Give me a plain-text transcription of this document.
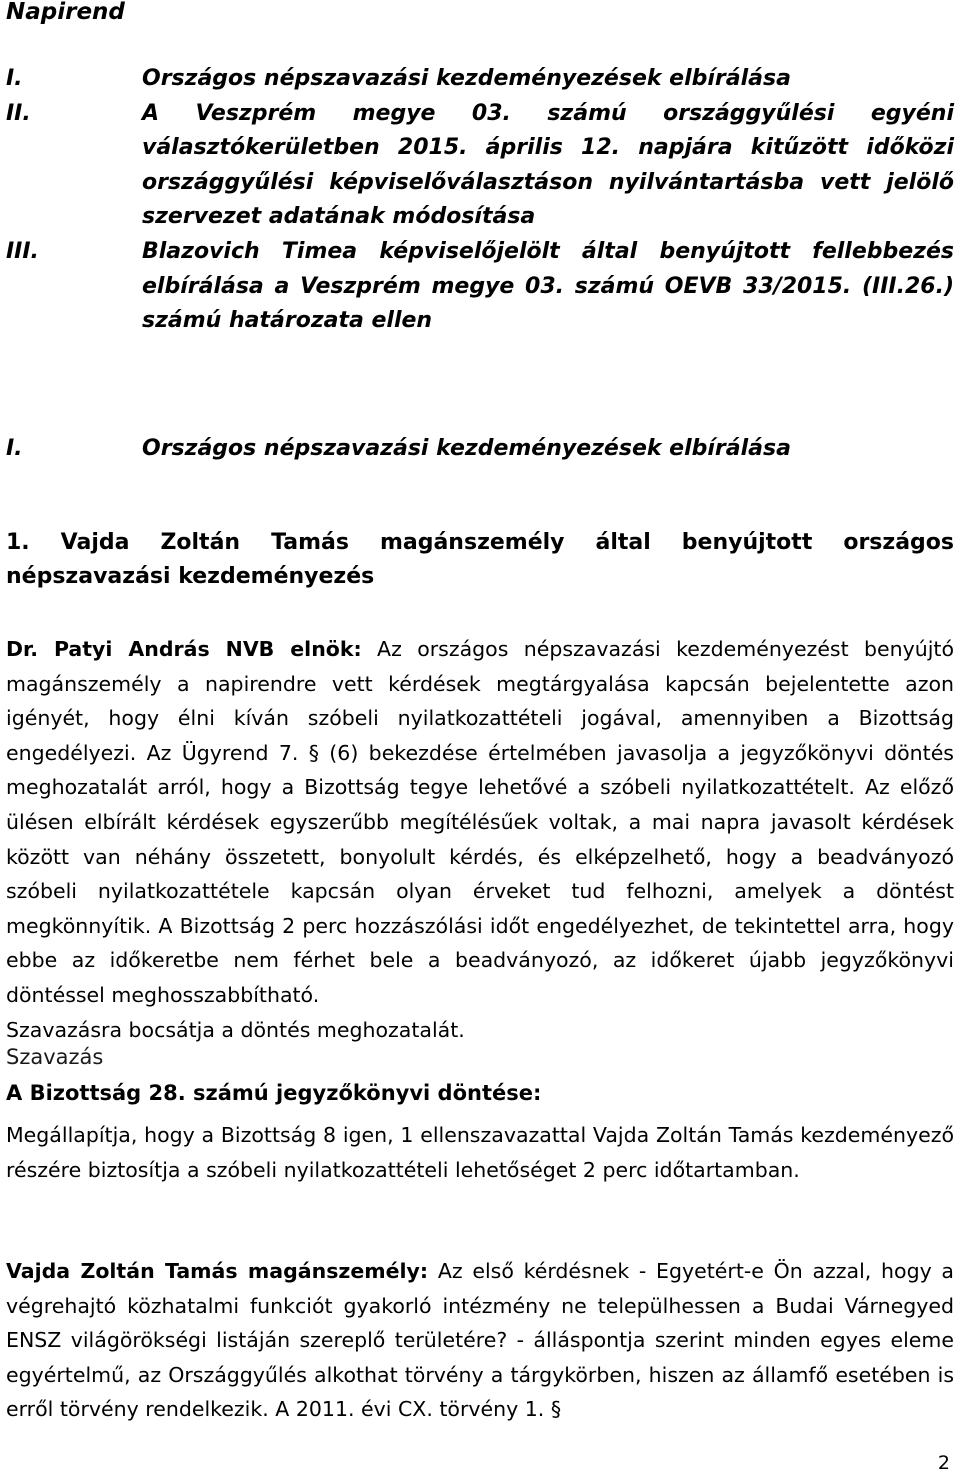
Napirend
I.	Országos népszavazási kezdeményezések elbírálása
II.	A Veszprém megye 03. számú országgyűlési egyéni választókerületben 2015. április 12. napjára kitűzött időközi országgyűlési képviselőválasztáson nyilvántartásba vett jelölő szervezet adatának módosítása
III.	Blazovich Timea képviselőjelölt által benyújtott fellebbezés elbírálása a Veszprém megye 03. számú OEVB 33/2015. (III.26.) számú határozata ellen
I.	Országos népszavazási kezdeményezések elbírálása
1. Vajda Zoltán Tamás magánszemély által benyújtott országos népszavazási kezdeményezés

Dr. Patyi András NVB elnök: Az országos népszavazási kezdeményezést benyújtó magánszemély a napirendre vett kérdések megtárgyalása kapcsán bejelentette azon igényét, hogy élni kíván szóbeli nyilatkozattételi jogával, amennyiben a Bizottság engedélyezi. Az Ügyrend 7. § (6) bekezdése értelmében javasolja a jegyzőkönyvi döntés meghozatalát arról, hogy a Bizottság tegye lehetővé a szóbeli nyilatkozattételt. Az előző ülésen elbírált kérdések egyszerűbb megítélésűek voltak, a mai napra javasolt kérdések között van néhány összetett, bonyolult kérdés, és elképzelhető, hogy a beadványozó szóbeli nyilatkozattétele kapcsán olyan érveket tud felhozni, amelyek a döntést megkönnyítik. A Bizottság 2 perc hozzászólási időt engedélyezhet, de tekintettel arra, hogy ebbe az időkeretbe nem férhet bele a beadványozó, az időkeret újabb jegyzőkönyvi döntéssel meghosszabbítható.
Szavazásra bocsátja a döntés meghozatalát.

Szavazás

A Bizottság 28. számú jegyzőkönyvi döntése:

Megállapítja, hogy a Bizottság 8 igen, 1 ellenszavazattal Vajda Zoltán Tamás kezdeményező részére biztosítja a szóbeli nyilatkozattételi lehetőséget 2 perc időtartamban.

Vajda Zoltán Tamás magánszemély: Az első kérdésnek - Egyetért-e Ön azzal, hogy a végrehajtó közhatalmi funkciót gyakorló intézmény ne települhessen a Budai Várnegyed ENSZ világörökségi listáján szereplő területére? - álláspontja szerint minden egyes eleme egyértelmű, az Országgyűlés alkothat törvény a tárgykörben, hiszen az államfő esetében is erről törvény rendelkezik. A 2011. évi CX. törvény 1. §

2
